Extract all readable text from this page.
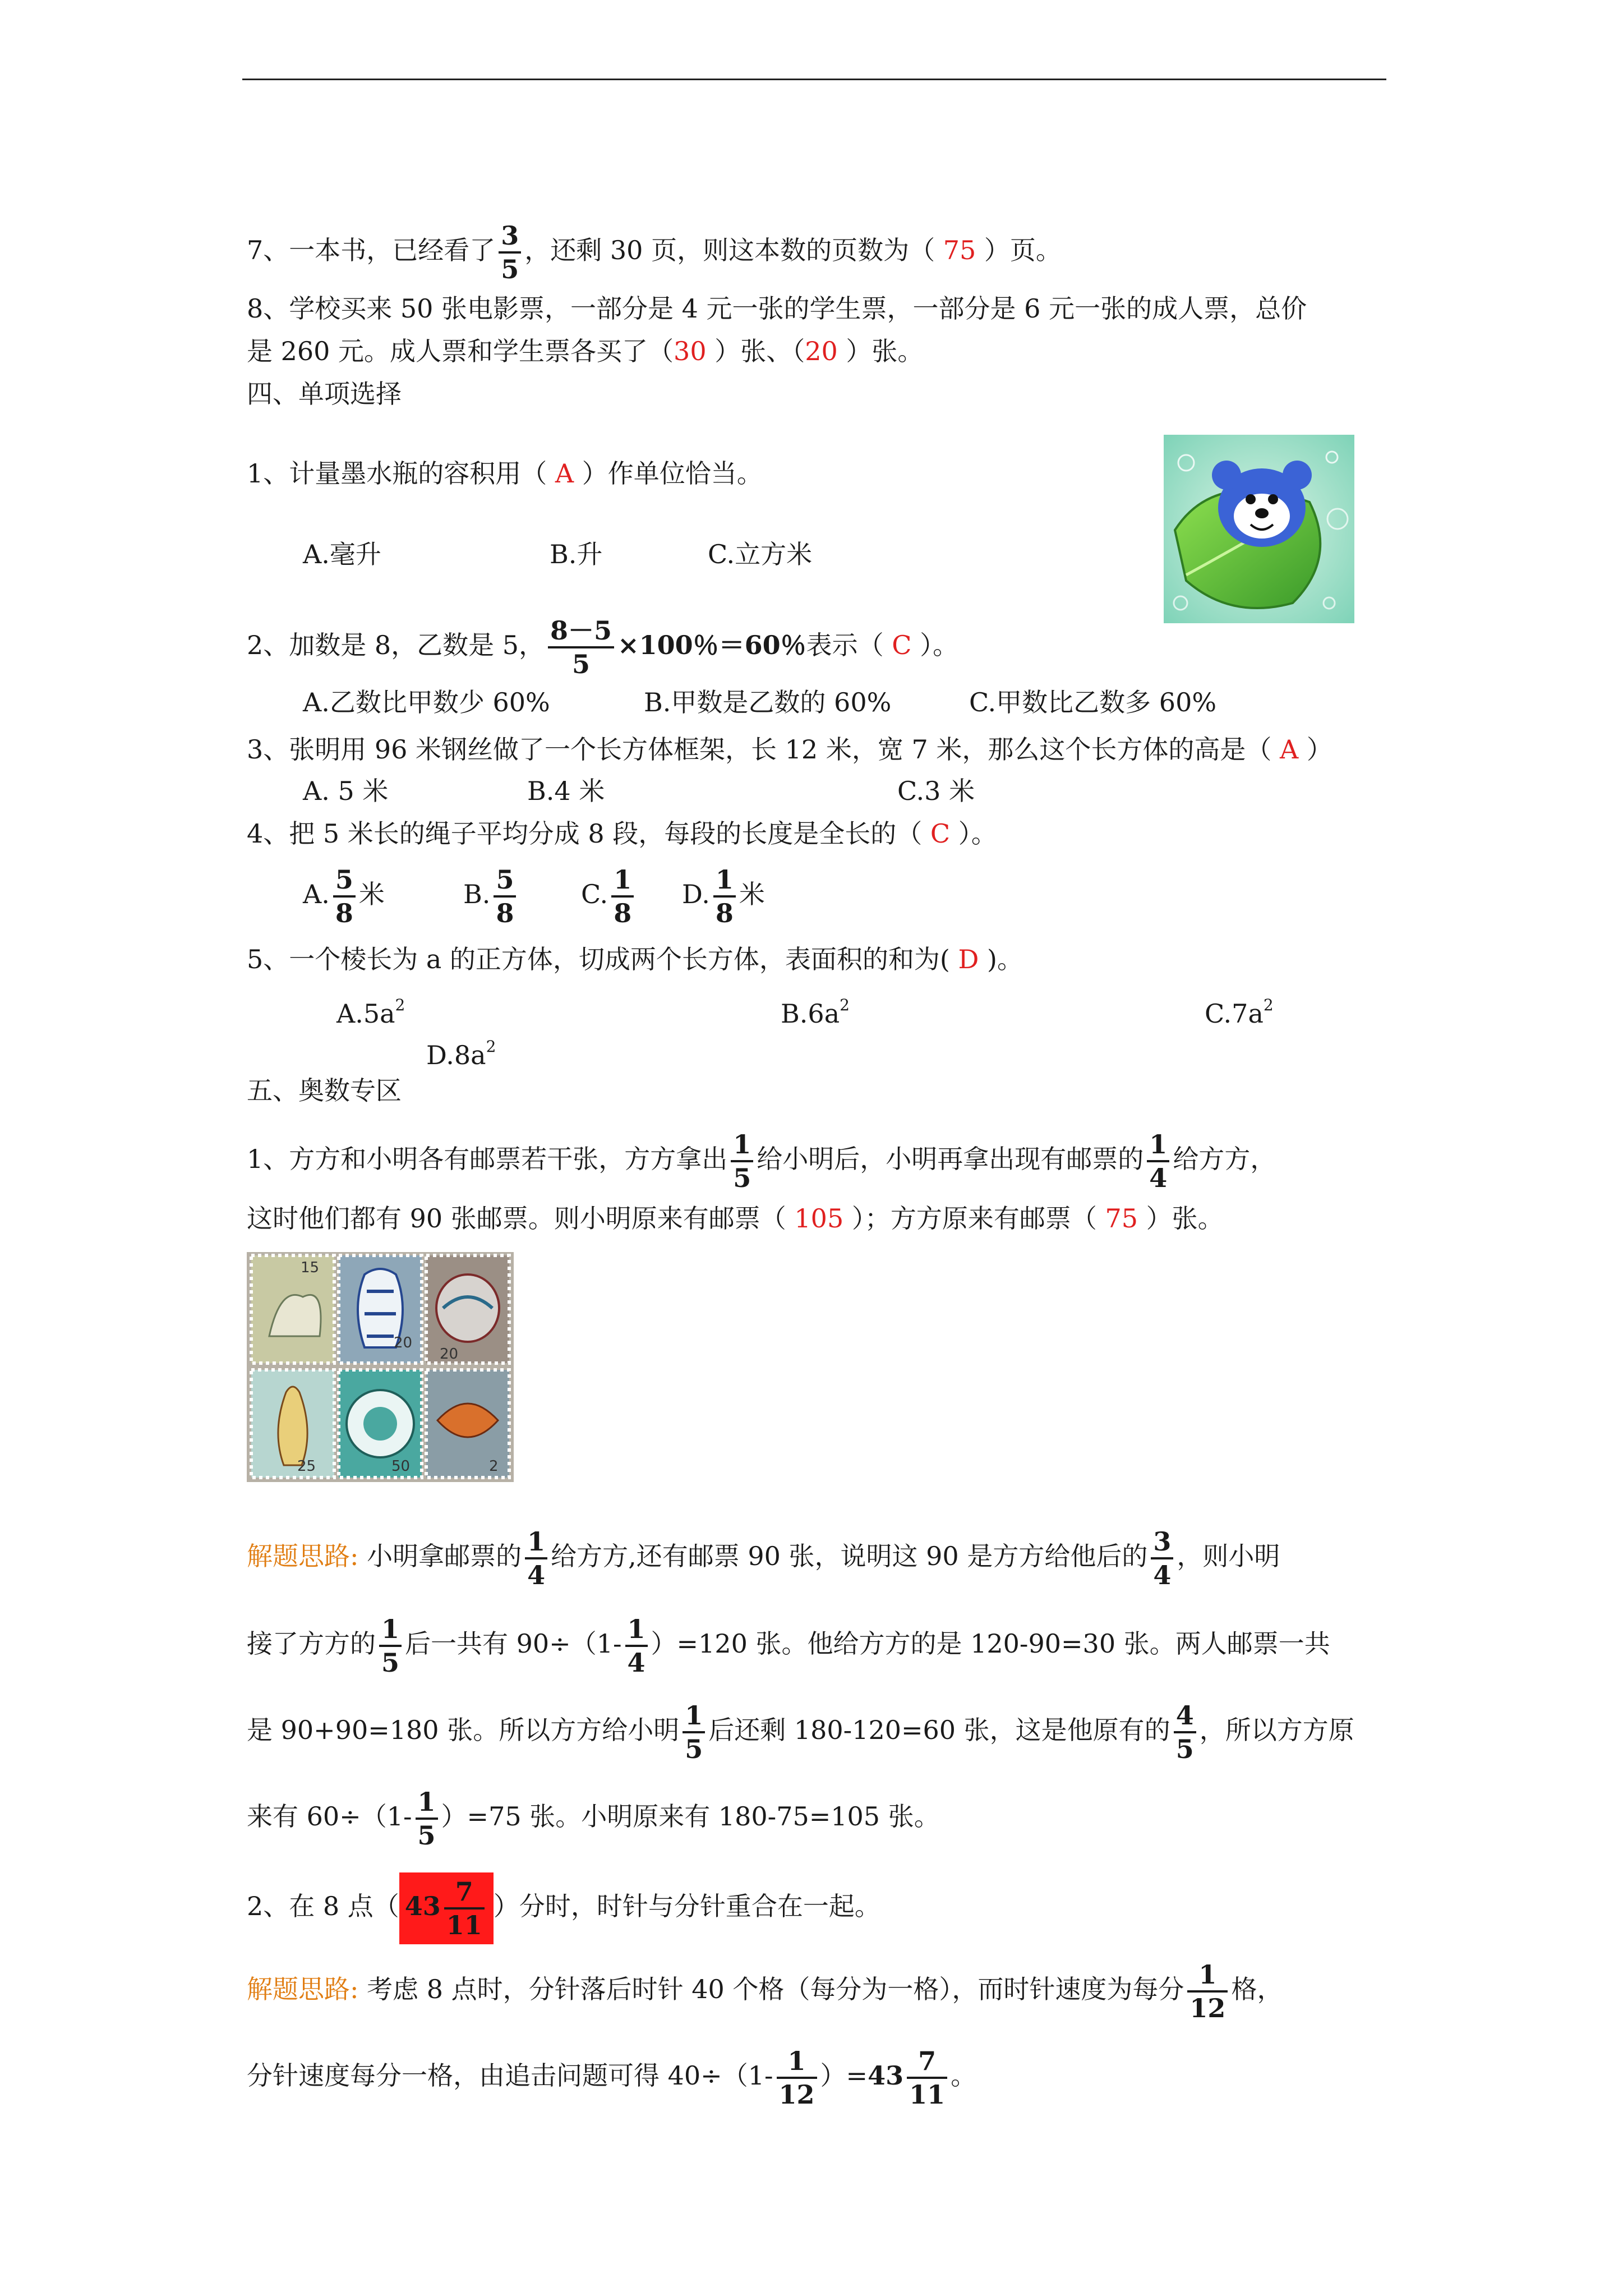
7、一本书，已经看了 $\frac{3}{5}$ ，还剩 30 页，则这本数的页数为（ 75 ）页。
8、学校买来 50 张电影票，一部分是 4 元一张的学生票，一部分是 6 元一张的成人票，总价
是 260 元。成人票和学生票各买了（30 ）张、（20 ）张。
四、单项选择
1、计量墨水瓶的容积用（ A ）作单位恰当。
A.毫升	B.升	C.立方米
2、加数是 8，乙数是 5， $\frac{8-5}{5} \times 100$％＝60％表示（ C ）。
A.乙数比甲数少 60%	B.甲数是乙数的 60%	C.甲数比乙数多 60%
3、张明用 96 米钢丝做了一个长方体框架，长 12 米，宽 7 米，那么这个长方体的高是（ A ）
A. 5 米	B.4 米	C.3 米
4、把 5 米长的绳子平均分成 8 段，每段的长度是全长的（ C ）。
A. $\frac{5}{8}$ 米	B. $\frac{5}{8}$	C. $\frac{1}{8} D$. $\frac{1}{8}$ 米
5、一个棱长为 a 的正方体，切成两个长方体，表面积的和为( D )。
$A.5a^2$	$B.6a^2$	$C.7a^2$
$D.8a^2$
五、奥数专区
1、方方和小明各有邮票若干张，方方拿出 $\frac{1}{5}$ 给小明后，小明再拿出现有邮票的 $\frac{1}{4}$ 给方方，
这时他们都有 90 张邮票。则小明原来有邮票（ 105 ）；方方原来有邮票（ 75 ）张。
15
20
20
25	50	2
解题思路: 小明拿邮票的 $\frac{1}{4}$ 给方方,还有邮票 90 张，说明这 90 是方方给他后的 $\frac{3}{4}$ ，则小明
接了方方的 $\frac{1}{5}$ 后一共有 $90\div(1- \frac{1}{4} )=120$ 张。他给方方的是 120-90=30 张。两人邮票一共
是 90+90=180 张。所以方方给小明 $\frac{1}{5}$ 后还剩 180-120=60 张，这是他原有的 $\frac{4}{5}$ ，所以方方原
来有 $60\div(1- \frac{1}{5} )=75$ 张。小明原来有 180-75=105 张。
2、在 8 点（ $43 \frac{7}{11}$ ）分时，时针与分针重合在一起。
解题思路: 考虑 8 点时，分针落后时针 40 个格（每分为一格），而时针速度为每分 $\frac{1}{12}$ 格，
分针速度每分一格，由追击问题可得 $40\div(1- \frac{1}{12} )=43 \frac{7}{11}$ 。
